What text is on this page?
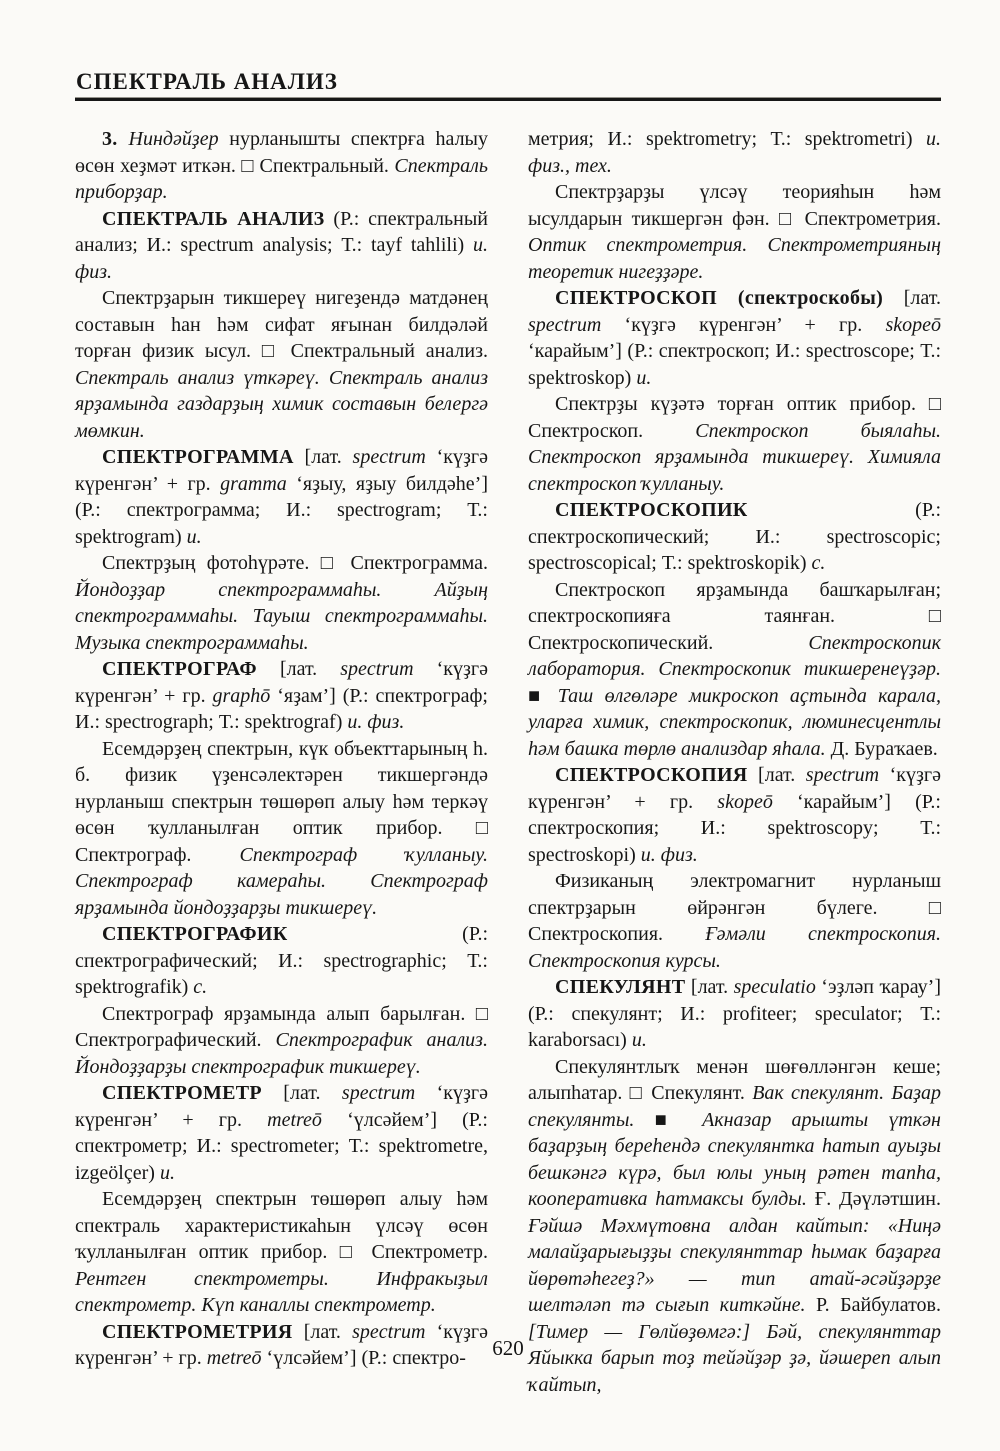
СПЕКТРАЛЬ АНАЛИЗ

3. Ниндәйҙер нурланышты спектрға һалыу өсөн хеҙмәт иткән. □ Спектральный. Спектраль приборҙар.

СПЕКТРАЛЬ АНАЛИЗ (Р.: спектральный анализ; И.: spectrum analysis; Т.: tayf tahlili) и. физ.

Спектрҙарын тикшереү нигеҙендә матдәнең составын һан һәм сифат яғынан билдәләй торған физик ысул. □ Спектральный анализ. Спектраль анализ үткәреү. Спектраль анализ ярҙамында газдарҙың химик составын белергә мөмкин.

СПЕКТРОГРАММА [лат. spectrum ‘күҙгә күренгән’ + гр. gramma ‘яҙыу, яҙыу билдәһе’] (Р.: спектрограмма; И.: spectrogram; Т.: spektrogram) и.

Спектрҙың фотоһүрәте. □ Спектрограмма. Йондоҙҙар спектрограммаһы. Айҙың спектрограммаһы. Тауыш спектрограммаһы. Музыка спектрограммаһы.

СПЕКТРОГРАФ [лат. spectrum ‘күҙгә күренгән’ + гр. graphō ‘яҙам’] (Р.: спектрограф; И.: spectrograph; Т.: spektrograf) и. физ.

Есемдәрҙең спектрын, күк объекттарының һ. б. физик үҙенсәлектәрен тикшергәндә нурланыш спектрын төшөрөп алыу һәм теркәү өсөн ҡулланылған оптик прибор. □ Спектрограф. Спектрограф ҡулланыу. Спектрограф камераһы. Спектрограф ярҙамында йондоҙҙарҙы тикшереү.

СПЕКТРОГРАФИК (Р.: спектрографический; И.: spectrographic; Т.: spektrografik) с.

Спектрограф ярҙамында алып барылған. □ Спектрографический. Спектрографик анализ. Йондоҙҙарҙы спектрографик тикшереү.

СПЕКТРОМЕТР [лат. spectrum ‘күҙгә күренгән’ + гр. metreō ‘үлсәйем’] (Р.: спектрометр; И.: spectrometer; Т.: spektrometre, izgeölçer) и.

Есемдәрҙең спектрын төшөрөп алыу һәм спектраль характеристикаһын үлсәү өсөн ҡулланылған оптик прибор. □ Спектрометр. Рентген спектрометры. Инфракыҙыл спектрометр. Күп каналлы спектрометр.

СПЕКТРОМЕТРИЯ [лат. spectrum ‘күҙгә күренгән’ + гр. metreō ‘үлсәйем’] (Р.: спектро-

метрия; И.: spektrometry; Т.: spektrometri) и. физ., тех.

Спектрҙарҙы үлсәү теорияһын һәм ысулдарын тикшергән фән. □ Спектрометрия. Оптик спектрометрия. Спектрометрияның теоретик нигеҙҙәре.

СПЕКТРОСКОП (спектроскобы) [лат. spectrum ‘күҙгә күренгән’ + гр. skopeō ‘карайым’] (Р.: спектроскоп; И.: spectroscope; Т.: spektroskop) и.

Спектрҙы күҙәтә торған оптик прибор. □ Спектроскоп. Спектроскоп быялаһы. Спектроскоп ярҙамында тикшереү. Химияла спектроскоп ҡулланыу.

СПЕКТРОСКОПИК (Р.: спектроскопический; И.: spectroscopic; spectroscopical; Т.: spektroskopik) с.

Спектроскоп ярҙамында башҡарылған; спектроскопияға таянған. □ Спектроскопический. Спектроскопик лаборатория. Спектроскопик тикшеренеүҙәр. ■ Таш өлгөләре микроскоп аҫтында карала, уларға химик, спектроскопик, люминесцентлы һәм башка төрлө анализдар яһала. Д. Бураҡаев.

СПЕКТРОСКОПИЯ [лат. spectrum ‘күҙгә күренгән’ + гр. skopeō ‘карайым’] (Р.: спектроскопия; И.: spektroscopy; Т.: spectroskopi) и. физ.

Физиканың электромагнит нурланыш спектрҙарын өйрәнгән бүлеге. □ Спектроскопия. Ғәмәли спектроскопия. Спектроскопия курсы.

СПЕКУЛЯНТ [лат. speculatio ‘эҙләп ҡарау’] (Р.: спекулянт; И.: profiteer; speculator; Т.: karaborsacı) и.

Спекулянтлыҡ менән шөғөлләнгән кеше; алыпһатар. □ Спекулянт. Вак спекулянт. Баҙар спекулянты. ■ Акназар арышты үткән баҙарҙың береһендә спекулянтка һатып ауыҙы бешкәнгә күрә, был юлы уның рәтен тапһа, кооперативка һатмаксы булды. Ғ. Дәүләтшин. Ғәйшә Мәхмүтовна алдан кайтып: «Ниңә малайҙарығыҙҙы спекулянттар һымак баҙарға йөрөтәһегеҙ?» — тип атай-әсәйҙәрҙе шелтәләп тә сығып киткәйне. Р. Байбулатов. [Тимер — Гөлйөҙөмгә:] Бәй, спекулянттар Яйыкка барып тоҙ тейәйҙәр ҙә, йәшереп алып ҡайтып,

620
